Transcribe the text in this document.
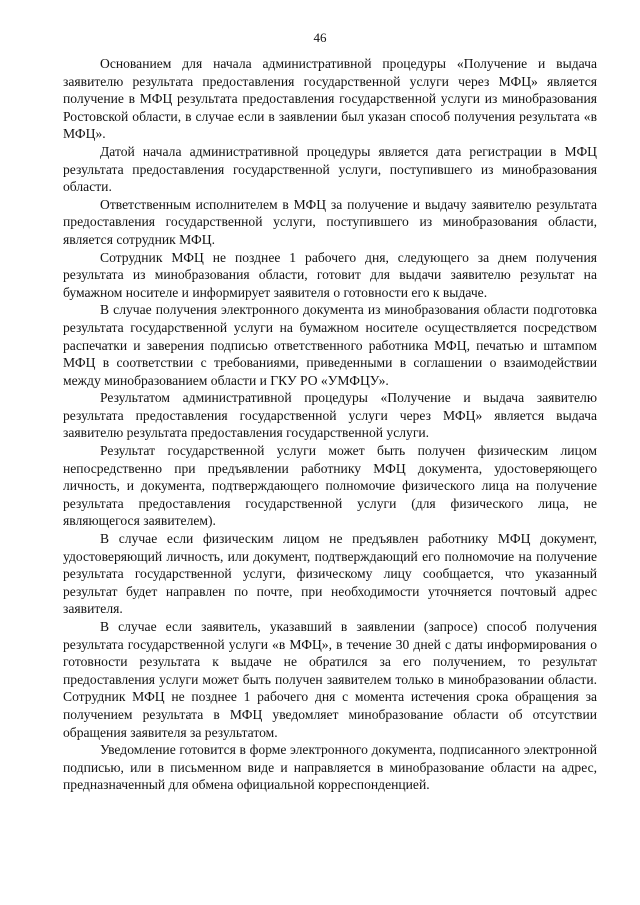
46

Основанием для начала административной процедуры «Получение и выдача заявителю результата предоставления государственной услуги через МФЦ» является получение в МФЦ результата предоставления государственной услуги из минобразования Ростовской области, в случае если в заявлении был указан способ получения результата «в МФЦ».

Датой начала административной процедуры является дата регистрации в МФЦ результата предоставления государственной услуги, поступившего из минобразования области.

Ответственным исполнителем в МФЦ за получение и выдачу заявителю результата предоставления государственной услуги, поступившего из минобразования области, является сотрудник МФЦ.

Сотрудник МФЦ не позднее 1 рабочего дня, следующего за днем получения результата из минобразования области, готовит для выдачи заявителю результат на бумажном носителе и информирует заявителя о готовности его к выдаче.

В случае получения электронного документа из минобразования области подготовка результата государственной услуги на бумажном носителе осуществляется посредством распечатки и заверения подписью ответственного работника МФЦ, печатью и штампом МФЦ в соответствии с требованиями, приведенными в соглашении о взаимодействии между минобразованием области и ГКУ РО «УМФЦУ».

Результатом административной процедуры «Получение и выдача заявителю результата предоставления государственной услуги через МФЦ» является выдача заявителю результата предоставления государственной услуги.

Результат государственной услуги может быть получен физическим лицом непосредственно при предъявлении работнику МФЦ документа, удостоверяющего личность, и документа, подтверждающего полномочие физического лица на получение результата предоставления государственной услуги (для физического лица, не являющегося заявителем).

В случае если физическим лицом не предъявлен работнику МФЦ документ, удостоверяющий личность, или документ, подтверждающий его полномочие на получение результата государственной услуги, физическому лицу сообщается, что указанный результат будет направлен по почте, при необходимости уточняется почтовый адрес заявителя.

В случае если заявитель, указавший в заявлении (запросе) способ получения результата государственной услуги «в МФЦ», в течение 30 дней с даты информирования о готовности результата к выдаче не обратился за его получением, то результат предоставления услуги может быть получен заявителем только в минобразовании области. Сотрудник МФЦ не позднее 1 рабочего дня с момента истечения срока обращения за получением результата в МФЦ уведомляет минобразование области об отсутствии обращения заявителя за результатом.

Уведомление готовится в форме электронного документа, подписанного электронной подписью, или в письменном виде и направляется в минобразование области на адрес, предназначенный для обмена официальной корреспонденцией.
